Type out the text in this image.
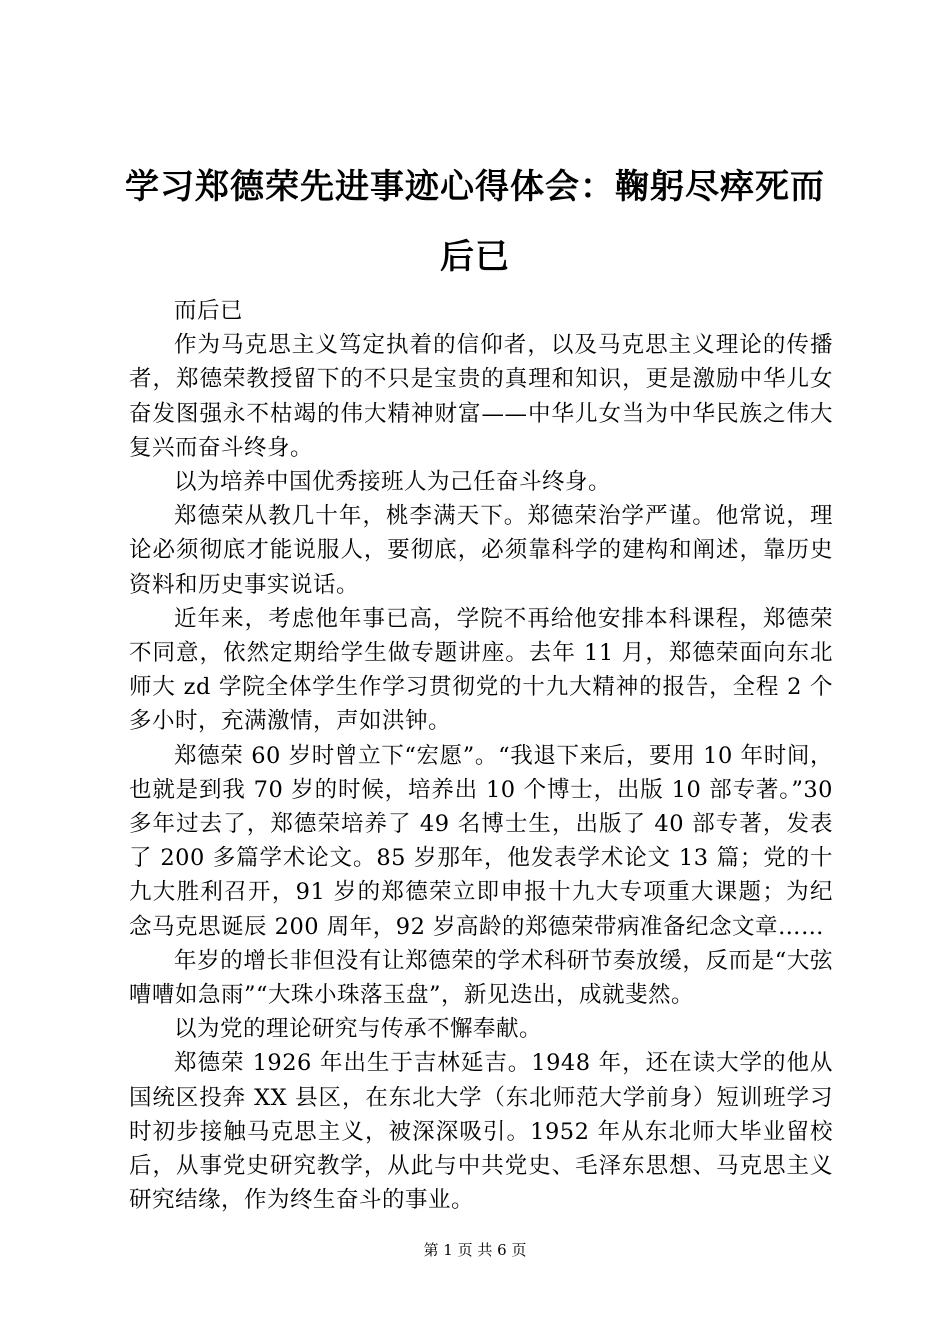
学习郑德荣先进事迹心得体会：鞠躬尽瘁死而后已

而后已

作为马克思主义笃定执着的信仰者，以及马克思主义理论的传播者，郑德荣教授留下的不只是宝贵的真理和知识，更是激励中华儿女奋发图强永不枯竭的伟大精神财富——中华儿女当为中华民族之伟大复兴而奋斗终身。

以为培养中国优秀接班人为己任奋斗终身。

郑德荣从教几十年，桃李满天下。郑德荣治学严谨。他常说，理论必须彻底才能说服人，要彻底，必须靠科学的建构和阐述，靠历史资料和历史事实说话。

近年来，考虑他年事已高，学院不再给他安排本科课程，郑德荣不同意，依然定期给学生做专题讲座。去年 11 月，郑德荣面向东北师大 zd 学院全体学生作学习贯彻党的十九大精神的报告，全程 2 个多小时，充满激情，声如洪钟。

郑德荣 60 岁时曾立下“宏愿”。“我退下来后，要用 10 年时间，也就是到我 70 岁的时候，培养出 10 个博士，出版 10 部专著。”30 多年过去了，郑德荣培养了 49 名博士生，出版了 40 部专著，发表了 200 多篇学术论文。85 岁那年，他发表学术论文 13 篇；党的十九大胜利召开，91 岁的郑德荣立即申报十九大专项重大课题；为纪念马克思诞辰 200 周年，92 岁高龄的郑德荣带病准备纪念文章……

年岁的增长非但没有让郑德荣的学术科研节奏放缓，反而是“大弦嘈嘈如急雨”“大珠小珠落玉盘”，新见迭出，成就斐然。

以为党的理论研究与传承不懈奉献。

郑德荣 1926 年出生于吉林延吉。1948 年，还在读大学的他从国统区投奔 XX 县区，在东北大学（东北师范大学前身）短训班学习时初步接触马克思主义，被深深吸引。1952 年从东北师大毕业留校后，从事党史研究教学，从此与中共党史、毛泽东思想、马克思主义研究结缘，作为终生奋斗的事业。

第 1 页 共 6 页
